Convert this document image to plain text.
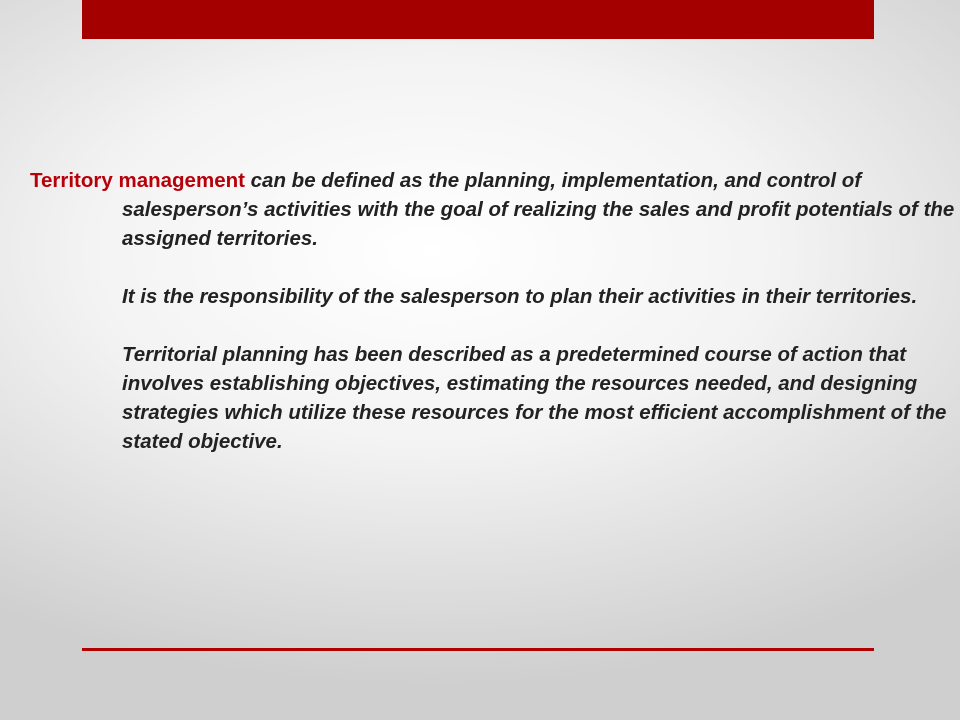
Territory management can be defined as the planning, implementation, and control of salesperson’s activities with the goal of realizing the sales and profit potentials of the assigned territories.

It is the responsibility of the salesperson to plan their activities in their territories.

Territorial planning has been described as a predetermined course of action that involves establishing objectives, estimating the resources needed, and designing strategies which utilize these resources for the most efficient accomplishment of the stated objective.
